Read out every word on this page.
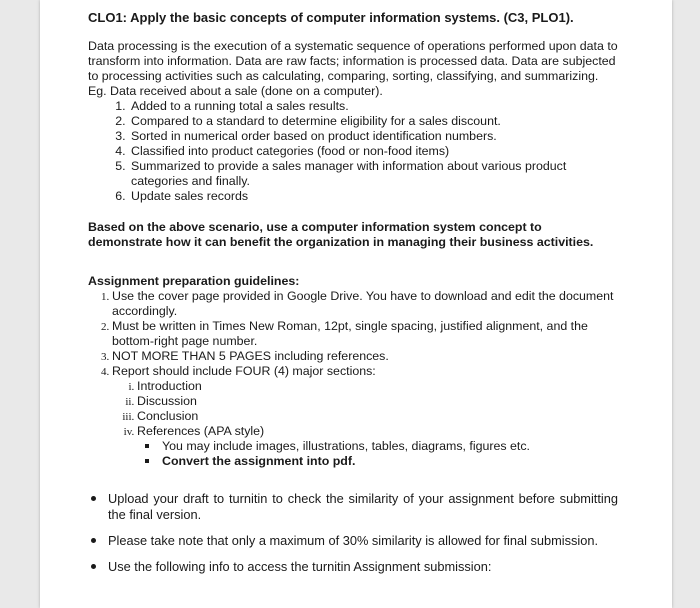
CLO1: Apply the basic concepts of computer information systems. (C3, PLO1).

Data processing is the execution of a systematic sequence of operations performed upon data to transform into information. Data are raw facts; information is processed data. Data are subjected to processing activities such as calculating, comparing, sorting, classifying, and summarizing. Eg. Data received about a sale (done on a computer).

1. Added to a running total a sales results.
2. Compared to a standard to determine eligibility for a sales discount.
3. Sorted in numerical order based on product identification numbers.
4. Classified into product categories (food or non-food items)
5. Summarized to provide a sales manager with information about various product categories and finally.
6. Update sales records

Based on the above scenario, use a computer information system concept to demonstrate how it can benefit the organization in managing their business activities.

Assignment preparation guidelines:

1. Use the cover page provided in Google Drive. You have to download and edit the document accordingly.
2. Must be written in Times New Roman, 12pt, single spacing, justified alignment, and the bottom-right page number.
3. NOT MORE THAN 5 PAGES including references.
4. Report should include FOUR (4) major sections:
i. Introduction
ii. Discussion
iii. Conclusion
iv. References (APA style)
You may include images, illustrations, tables, diagrams, figures etc.
Convert the assignment into pdf.
Upload your draft to turnitin to check the similarity of your assignment before submitting the final version.
Please take note that only a maximum of 30% similarity is allowed for final submission.
Use the following info to access the turnitin Assignment submission:
